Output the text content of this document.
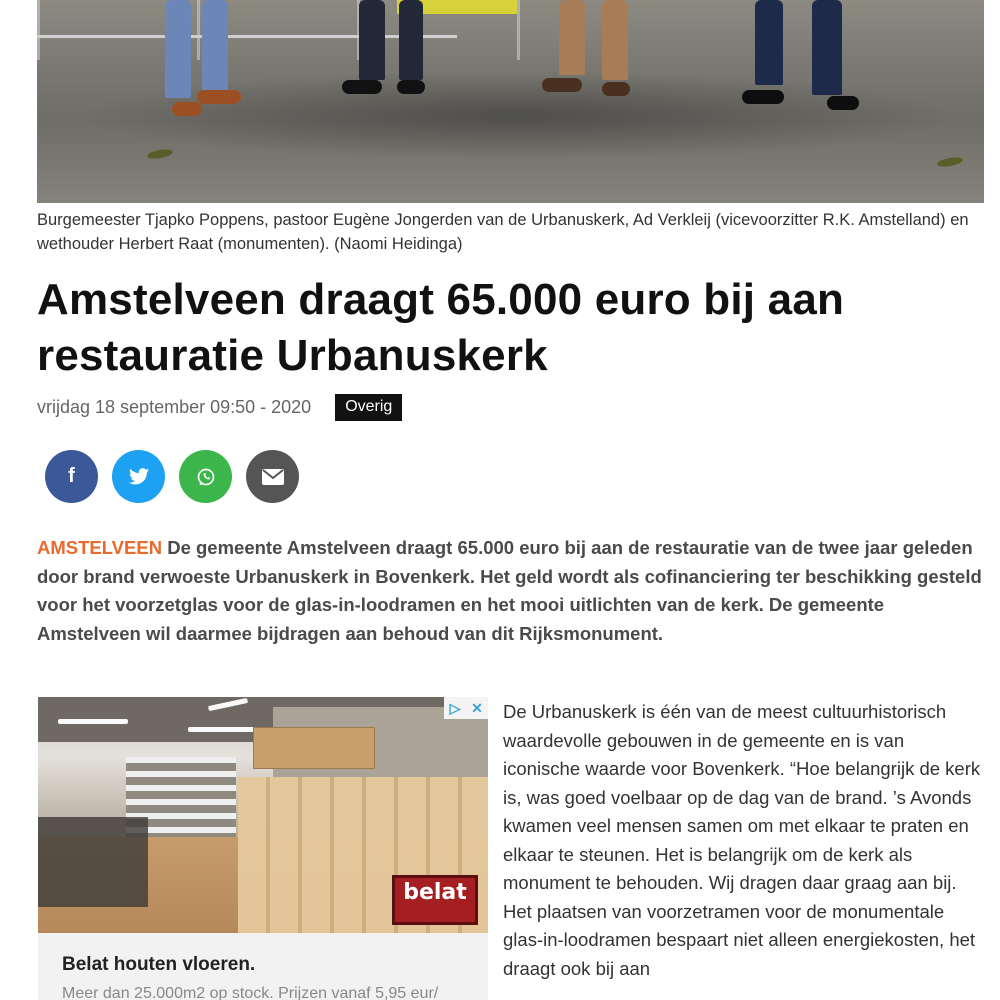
Burgemeester Tjapko Poppens, pastoor Eugène Jongerden van de Urbanuskerk, Ad Verkleij (vicevoorzitter R.K. Amstelland) en wethouder Herbert Raat (monumenten). (Naomi Heidinga)
Amstelveen draagt 65.000 euro bij aan restauratie Urbanuskerk
vrijdag 18 september 09:50 - 2020	Overig
f
AMSTELVEEN De gemeente Amstelveen draagt 65.000 euro bij aan de restauratie van de twee jaar geleden door brand verwoeste Urbanuskerk in Bovenkerk. Het geld wordt als cofinanciering ter beschikking gesteld voor het voorzetglas voor de glas-in-loodramen en het mooi uitlichten van de kerk. De gemeente Amstelveen wil daarmee bijdragen aan behoud van dit Rijksmonument.
▷ ✕
belat
Belat houten vloeren.
Meer dan 25.000m2 op stock. Prijzen vanaf 5,95 eur/
De Urbanuskerk is één van de meest cultuurhistorisch waardevolle gebouwen in de gemeente en is van iconische waarde voor Bovenkerk. “Hoe belangrijk de kerk is, was goed voelbaar op de dag van de brand. ’s Avonds kwamen veel mensen samen om met elkaar te praten en elkaar te steunen. Het is belangrijk om de kerk als monument te behouden. Wij dragen daar graag aan bij. Het plaatsen van voorzetramen voor de monumentale glas-in-loodramen bespaart niet alleen energiekosten, het draagt ook bij aan
